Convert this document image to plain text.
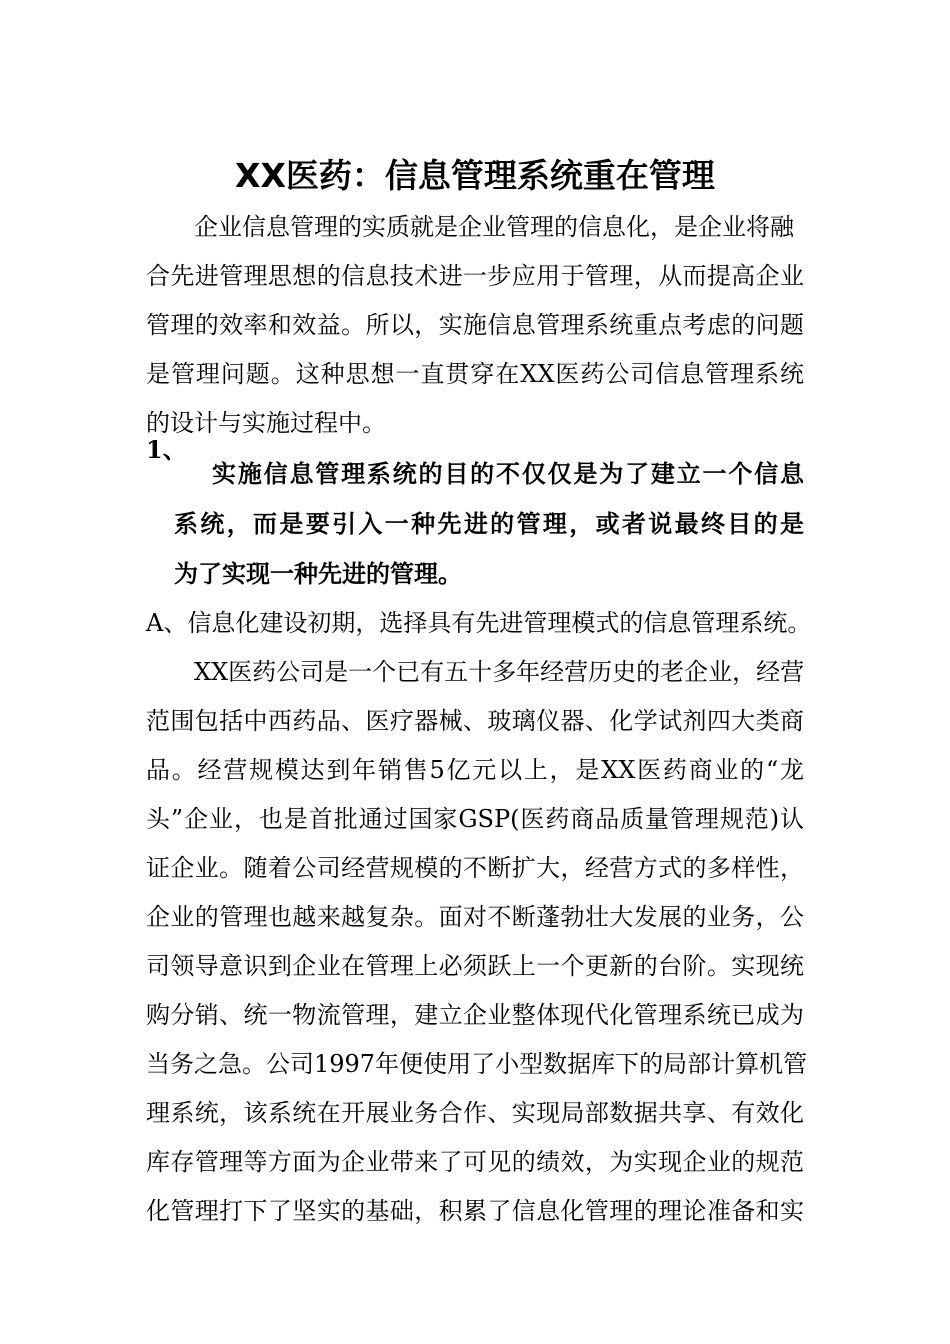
XX医药：信息管理系统重在管理

企业信息管理的实质就是企业管理的信息化，是企业将融

合先进管理思想的信息技术进一步应用于管理，从而提高企业

管理的效率和效益。所以，实施信息管理系统重点考虑的问题

是管理问题。这种思想一直贯穿在XX医药公司信息管理系统

的设计与实施过程中。

1、

实施信息管理系统的目的不仅仅是为了建立一个信息

系统，而是要引入一种先进的管理，或者说最终目的是

为了实现一种先进的管理。

A、信息化建设初期，选择具有先进管理模式的信息管理系统。

XX医药公司是一个已有五十多年经营历史的老企业，经营

范围包括中西药品、医疗器械、玻璃仪器、化学试剂四大类商

品。经营规模达到年销售5亿元以上，是XX医药商业的“龙

头”企业，也是首批通过国家GSP(医药商品质量管理规范)认

证企业。随着公司经营规模的不断扩大，经营方式的多样性，

企业的管理也越来越复杂。面对不断蓬勃壮大发展的业务，公

司领导意识到企业在管理上必须跃上一个更新的台阶。实现统

购分销、统一物流管理，建立企业整体现代化管理系统已成为

当务之急。公司1997年便使用了小型数据库下的局部计算机管

理系统，该系统在开展业务合作、实现局部数据共享、有效化

库存管理等方面为企业带来了可见的绩效，为实现企业的规范

化管理打下了坚实的基础，积累了信息化管理的理论准备和实
